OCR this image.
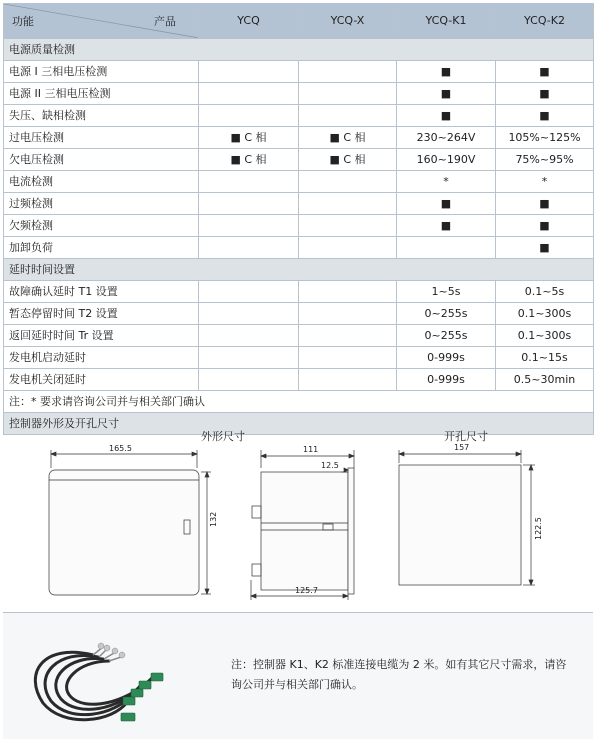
功能 产品	YCQ	YCQ-X	YCQ-K1	YCQ-K2
电源质量检测				
电源 I 三相电压检测			■	■
电源 II 三相电压检测			■	■
失压、缺相检测			■	■
过电压检测	■ C 相	■ C 相	230~264V	105%~125%
欠电压检测	■ C 相	■ C 相	160~190V	75%~95%
电流检测			*	*
过频检测			■	■
欠频检测			■	■
加卸负荷				■
延时时间设置				
故障确认延时 T1 设置			1~5s	0.1~5s
暂态停留时间 T2 设置			0~255s	0.1~300s
返回延时时间 Tr 设置			0~255s	0.1~300s
发电机启动延时			0-999s	0.1~15s
发电机关闭延时			0-999s	0.5~30min
注：* 要求请咨询公司并与相关部门确认				
控制器外形及开孔尺寸				
外形尺寸	开孔尺寸
165.5
132
111
12.5
125.7
157
122.5
注：控制器 K1、K2 标准连接电缆为 2 米。如有其它尺寸需求，请咨询公司并与相关部门确认。
